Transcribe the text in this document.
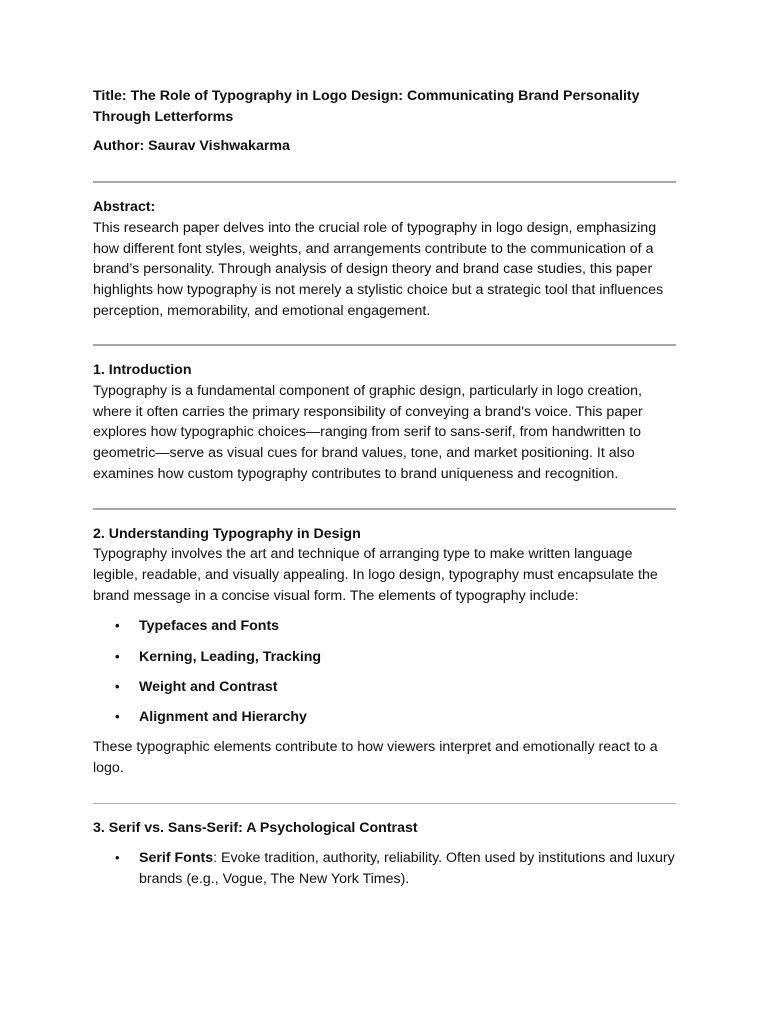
Title: The Role of Typography in Logo Design: Communicating Brand Personality Through Letterforms

Author: Saurav Vishwakarma

Abstract:

This research paper delves into the crucial role of typography in logo design, emphasizing how different font styles, weights, and arrangements contribute to the communication of a brand’s personality. Through analysis of design theory and brand case studies, this paper highlights how typography is not merely a stylistic choice but a strategic tool that influences perception, memorability, and emotional engagement.

1. Introduction

Typography is a fundamental component of graphic design, particularly in logo creation, where it often carries the primary responsibility of conveying a brand's voice. This paper explores how typographic choices—ranging from serif to sans-serif, from handwritten to geometric—serve as visual cues for brand values, tone, and market positioning. It also examines how custom typography contributes to brand uniqueness and recognition.

2. Understanding Typography in Design

Typography involves the art and technique of arranging type to make written language legible, readable, and visually appealing. In logo design, typography must encapsulate the brand message in a concise visual form. The elements of typography include:

• Typefaces and Fonts
• Kerning, Leading, Tracking
• Weight and Contrast
• Alignment and Hierarchy

These typographic elements contribute to how viewers interpret and emotionally react to a logo.

3. Serif vs. Sans-Serif: A Psychological Contrast

• Serif Fonts: Evoke tradition, authority, reliability. Often used by institutions and luxury brands (e.g., Vogue, The New York Times).
